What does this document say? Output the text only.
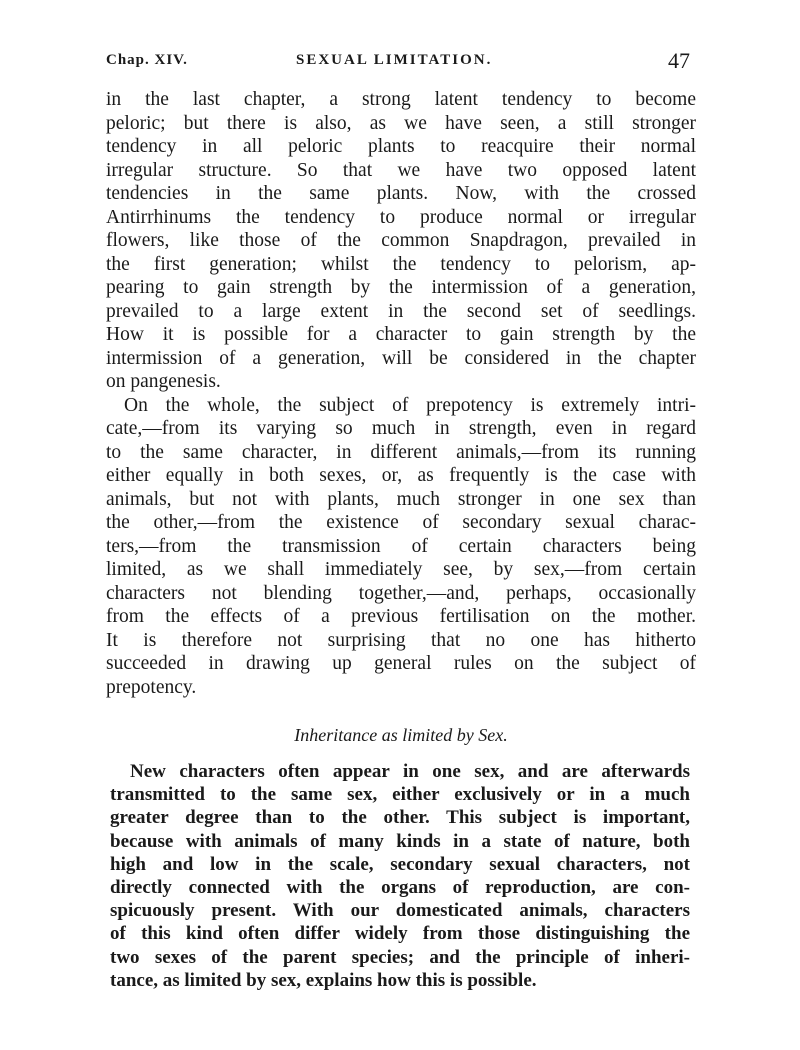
Chap. XIV.	SEXUAL LIMITATION.	47
in the last chapter, a strong latent tendency to become
peloric; but there is also, as we have seen, a still stronger
tendency in all peloric plants to reacquire their normal
irregular structure. So that we have two opposed latent
tendencies in the same plants. Now, with the crossed
Antirrhinums the tendency to produce normal or irregular
flowers, like those of the common Snapdragon, prevailed in
the first generation; whilst the tendency to pelorism, ap-
pearing to gain strength by the intermission of a generation,
prevailed to a large extent in the second set of seedlings.
How it is possible for a character to gain strength by the
intermission of a generation, will be considered in the chapter
on pangenesis.
On the whole, the subject of prepotency is extremely intri-
cate,—from its varying so much in strength, even in regard
to the same character, in different animals,—from its running
either equally in both sexes, or, as frequently is the case with
animals, but not with plants, much stronger in one sex than
the other,—from the existence of secondary sexual charac-
ters,—from the transmission of certain characters being
limited, as we shall immediately see, by sex,—from certain
characters not blending together,—and, perhaps, occasionally
from the effects of a previous fertilisation on the mother.
It is therefore not surprising that no one has hitherto
succeeded in drawing up general rules on the subject of
prepotency.
Inheritance as limited by Sex.
New characters often appear in one sex, and are afterwards
transmitted to the same sex, either exclusively or in a much
greater degree than to the other. This subject is important,
because with animals of many kinds in a state of nature, both
high and low in the scale, secondary sexual characters, not
directly connected with the organs of reproduction, are con-
spicuously present. With our domesticated animals, characters
of this kind often differ widely from those distinguishing the
two sexes of the parent species; and the principle of inheri-
tance, as limited by sex, explains how this is possible.
